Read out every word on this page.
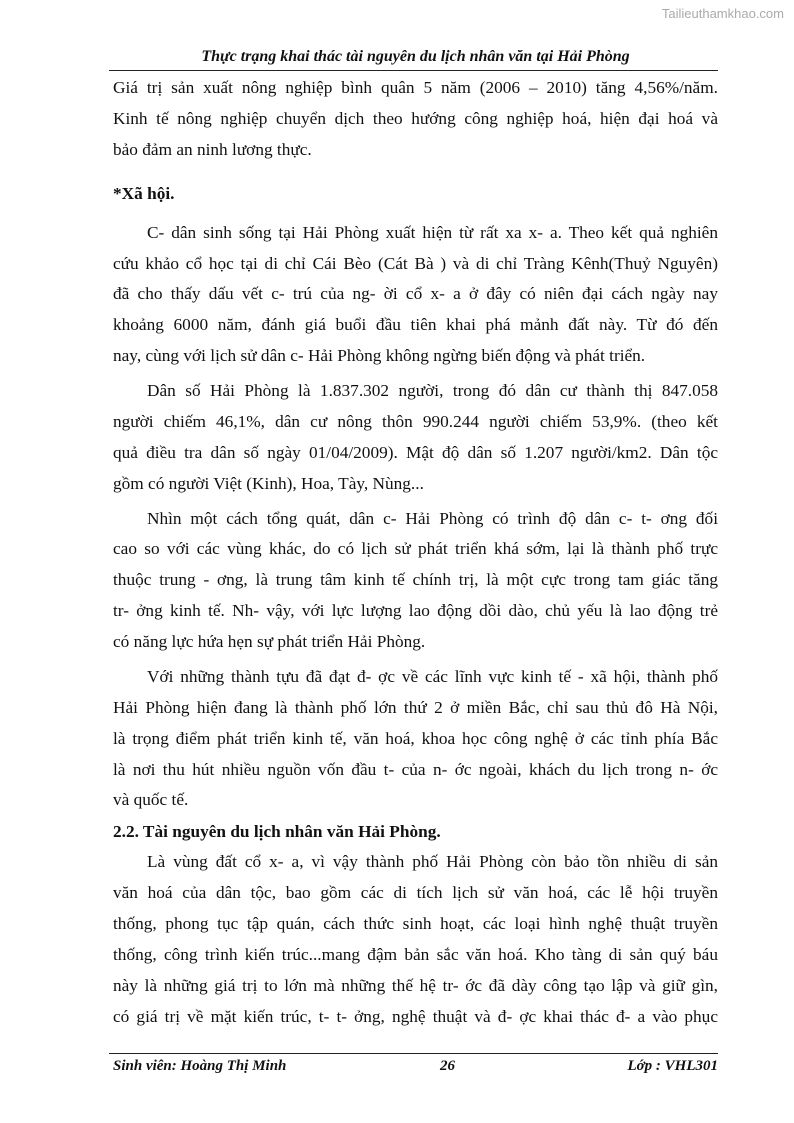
Tailieuthamkhao.com
Thực trạng khai thác tài nguyên du lịch nhân văn tại Hải Phòng
Giá trị sản xuất nông nghiệp bình quân 5 năm (2006 – 2010) tăng 4,56%/năm.
Kinh tế nông nghiệp chuyển dịch theo hướng công nghiệp hoá, hiện đại hoá và
bảo đảm an ninh lương thực.
*Xã hội.
C- dân sinh sống tại Hải Phòng xuất hiện từ rất xa x- a. Theo kết quả nghiên
cứu khảo cổ học tại di chỉ Cái Bèo (Cát Bà ) và di chỉ Tràng Kênh(Thuỷ Nguyên)
đã cho thấy dấu vết c- trú của ng- ời cổ x- a ở đây có niên đại cách ngày nay
khoảng 6000 năm, đánh giá buổi đầu tiên khai phá mảnh đất này. Từ đó đến
nay, cùng với lịch sử dân c- Hải Phòng không ngừng biến động và phát triển.
Dân số Hải Phòng là 1.837.302 người, trong đó dân cư thành thị 847.058
người chiếm 46,1%, dân cư nông thôn 990.244 người chiếm 53,9%. (theo kết
quả điều tra dân số ngày 01/04/2009). Mật độ dân số 1.207 người/km2. Dân tộc
gồm có người Việt (Kinh), Hoa, Tày, Nùng...
Nhìn một cách tổng quát, dân c- Hải Phòng có trình độ dân c- t- ơng đối
cao so với các vùng khác, do có lịch sử phát triển khá sớm, lại là thành phố trực
thuộc trung - ơng, là trung tâm kinh tế chính trị, là một cực trong tam giác tăng
tr- ởng kinh tế. Nh- vậy, với lực lượng lao động dồi dào, chủ yếu là lao động trẻ
có năng lực hứa hẹn sự phát triển Hải Phòng.
Với những thành tựu đã đạt đ- ợc về các lĩnh vực kinh tế - xã hội, thành phố
Hải Phòng hiện đang là thành phố lớn thứ 2 ở miền Bắc, chỉ sau thủ đô Hà Nội,
là trọng điểm phát triển kinh tế, văn hoá, khoa học công nghệ ở các tỉnh phía Bắc
là nơi thu hút nhiều nguồn vốn đầu t- của n- ớc ngoài, khách du lịch trong n- ớc
và quốc tế.
2.2. Tài nguyên du lịch nhân văn Hải Phòng.
Là vùng đất cổ x- a, vì vậy thành phố Hải Phòng còn bảo tồn nhiều di sản
văn hoá của dân tộc, bao gồm các di tích lịch sử văn hoá, các lễ hội truyền
thống, phong tục tập quán, cách thức sinh hoạt, các loại hình nghệ thuật truyền
thống, công trình kiến trúc...mang đậm bản sắc văn hoá. Kho tàng di sản quý báu
này là những giá trị to lớn mà những thế hệ tr- ớc đã dày công tạo lập và giữ gìn,
có giá trị về mặt kiến trúc, t- t- ởng, nghệ thuật và đ- ợc khai thác đ- a vào phục
Sinh viên: Hoàng Thị Minh	26	Lớp : VHL301
